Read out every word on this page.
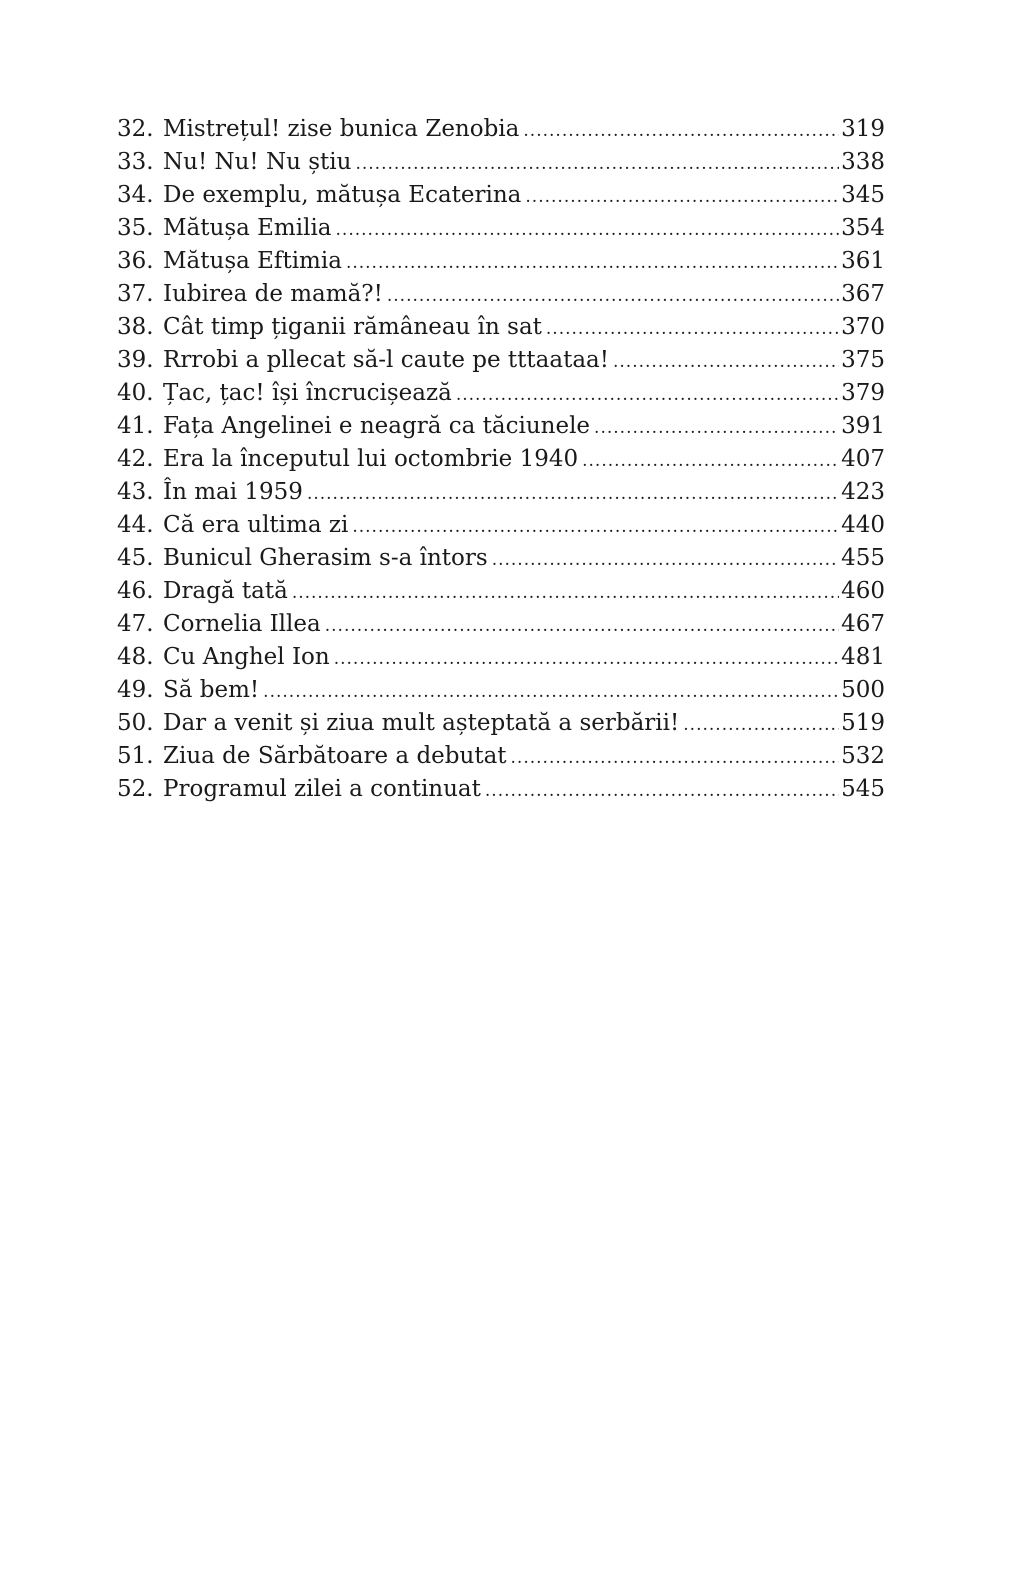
32. Mistrețul! zise bunica Zenobia .....	319
33. Nu! Nu! Nu știu .....	338
34. De exemplu, mătușa Ecaterina .....	345
35. Mătușa Emilia .....	354
36. Mătușa Eftimia .....	361
37. Iubirea de mamă?! .....	367
38. Cât timp țiganii rămâneau în sat .....	370
39. Rrrobi a pllecat să-l caute pe tttaataa! .....	375
40. Țac, țac! își încrucișează .....	379
41. Fața Angelinei e neagră ca tăciunele .....	391
42. Era la începutul lui octombrie 1940 .....	407
43. În mai 1959 .....	423
44. Că era ultima zi .....	440
45. Bunicul Gherasim s-a întors .....	455
46. Dragă tată .....	460
47. Cornelia Illea .....	467
48. Cu Anghel Ion .....	481
49. Să bem! .....	500
50. Dar a venit și ziua mult așteptată a serbării! .....	519
51. Ziua de Sărbătoare a debutat .....	532
52. Programul zilei a continuat .....	545
